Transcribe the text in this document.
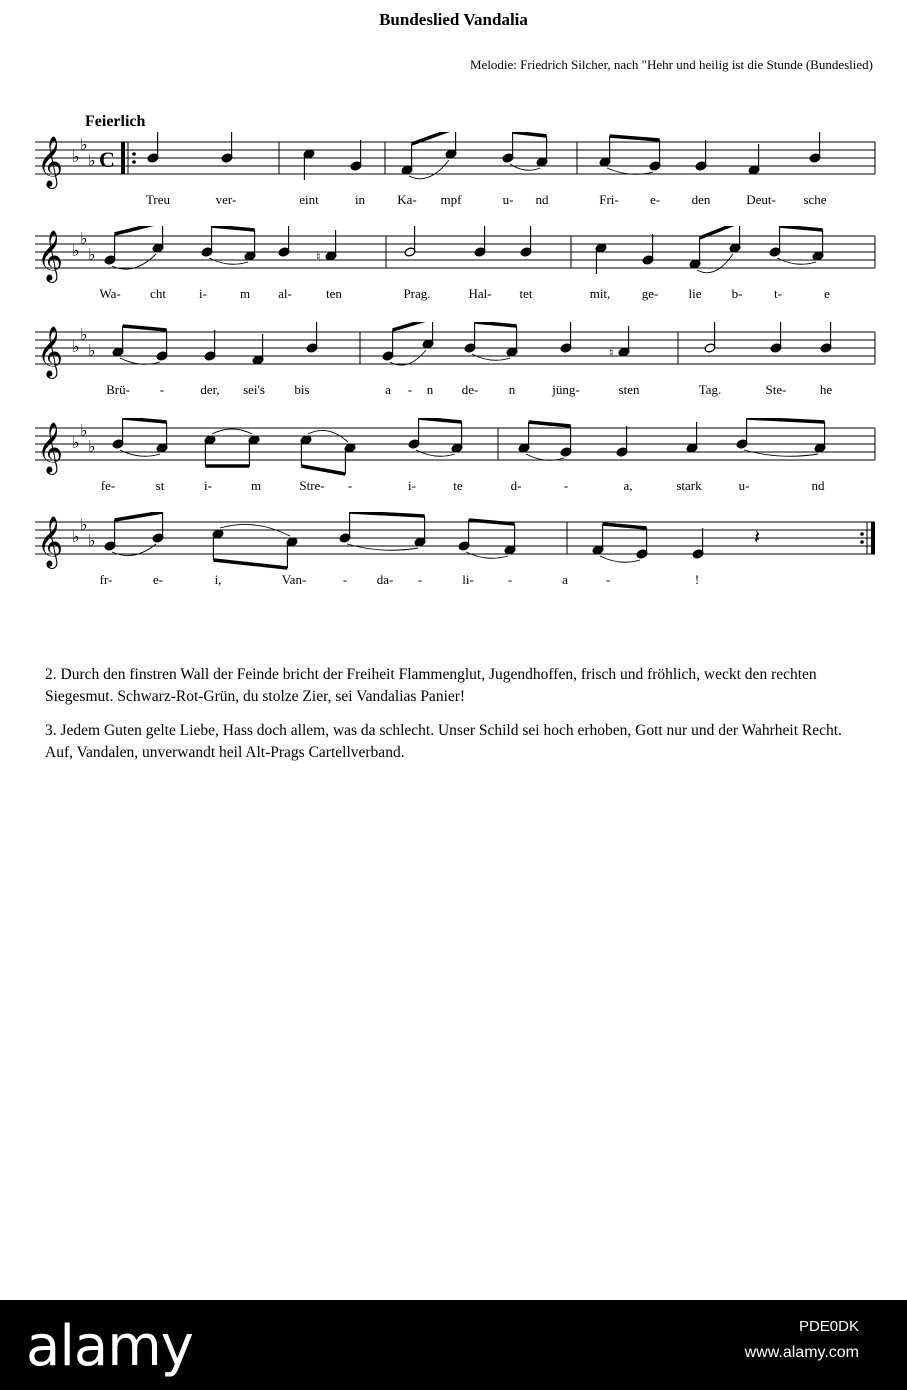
Bundeslied Vandalia
Melodie: Friedrich Silcher, nach "Hehr und heilig ist die Stunde (Bundeslied)
Feierlich
𝄞 ♭
♭
♭ C
Treu	ver-	eint	in Ka- mpf	u- nd	Fri- e- den	Deut- sche
𝄞 ♭
♭
♭	♮
Wa- cht	i-	m al-	ten	Prag.	Hal- tet	mit, ge- lie b- t-	e
𝄞 ♭
♭
♭	♮
Brü- -	der, sei's bis	a - n de- n	jüng-	sten	Tag.	Ste-	he
𝄞 ♭
♭
♭
fe-	st	i-	m	Stre- -	i-	te	d-	-	a,	stark	u-	nd
𝄞 ♭
♭
♭	𝄽
fr-	e-	i,	Van-	- da- -	li-	-	a	-	!

2. Durch den finstren Wall der Feinde bricht der Freiheit Flammenglut, Jugendhoffen, frisch und fröhlich, weckt den rechten Siegesmut. Schwarz-Rot-Grün, du stolze Zier, sei Vandalias Panier!

3. Jedem Guten gelte Liebe, Hass doch allem, was da schlecht. Unser Schild sei hoch erhoben, Gott nur und der Wahrheit Recht. Auf, Vandalen, unverwandt heil Alt-Prags Cartellverband.

alamy	PDE0DK
www.alamy.com
